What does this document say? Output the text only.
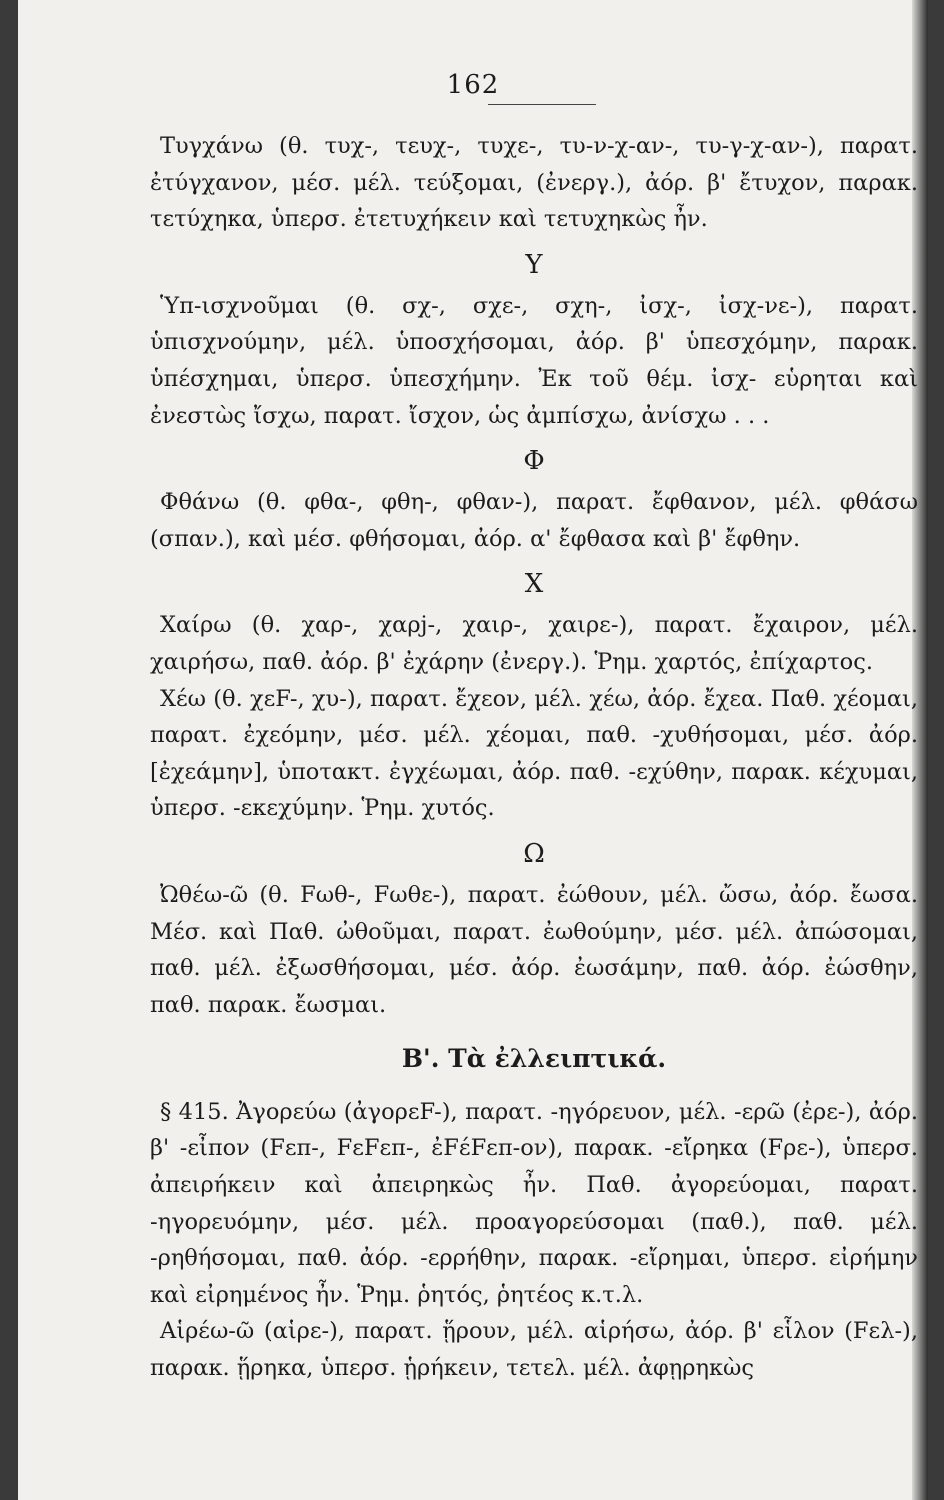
162

Τυγχάνω (θ. τυχ-, τευχ-, τυχε-, τυ-ν-χ-αν-, τυ-γ-χ-αν-), παρατ. ἐτύγχανον, μέσ. μέλ. τεύξομαι, (ἐνεργ.), ἀόρ. β' ἔτυχον, παρακ. τετύχηκα, ὑπερσ. ἐτετυχήκειν καὶ τετυχηκὼς ἦν.

Υ

Ὑπ-ισχνοῦμαι (θ. σχ-, σχε-, σχη-, ἰσχ-, ἰσχ-νε-), παρατ. ὑπισχνούμην, μέλ. ὑποσχήσομαι, ἀόρ. β' ὑπεσχόμην, παρακ. ὑπέσχημαι, ὑπερσ. ὑπεσχήμην. Ἐκ τοῦ θέμ. ἰσχ- εὑρηται καὶ ἐνεστὼς ἴσχω, παρατ. ἴσχον, ὡς ἀμπίσχω, ἀνίσχω . . .

Φ

Φθάνω (θ. φθα-, φθη-, φθαν-), παρατ. ἔφθανον, μέλ. φθάσω (σπαν.), καὶ μέσ. φθήσομαι, ἀόρ. α' ἔφθασα καὶ β' ἔφθην.

Χ

Χαίρω (θ. χαρ-, χαρj-, χαιρ-, χαιρε-), παρατ. ἔχαιρον, μέλ. χαιρήσω, παθ. ἀόρ. β' ἐχάρην (ἐνεργ.). Ῥημ. χαρτός, ἐπίχαρτος.

Χέω (θ. χεF-, χυ-), παρατ. ἔχεον, μέλ. χέω, ἀόρ. ἔχεα. Παθ. χέομαι, παρατ. ἐχεόμην, μέσ. μέλ. χέομαι, παθ. -χυθήσομαι, μέσ. ἀόρ. [ἐχεάμην], ὑποτακτ. ἐγχέωμαι, ἀόρ. παθ. -εχύθην, παρακ. κέχυμαι, ὑπερσ. -εκεχύμην. Ῥημ. χυτός.

Ω

Ὠθέω-ῶ (θ. Fωθ-, Fωθε-), παρατ. ἐώθουν, μέλ. ὤσω, ἀόρ. ἔωσα. Μέσ. καὶ Παθ. ὠθοῦμαι, παρατ. ἐωθούμην, μέσ. μέλ. ἀπώσομαι, παθ. μέλ. ἐξωσθήσομαι, μέσ. ἀόρ. ἐωσάμην, παθ. ἀόρ. ἐώσθην, παθ. παρακ. ἔωσμαι.

Β'. Τὰ ἐλλειπτικά.

§ 415. Ἀγορεύω (ἀγορεF-), παρατ. -ηγόρευον, μέλ. -ερῶ (ἐρε-), ἀόρ. β' -εἶπον (Fεπ-, FεFεπ-, ἐFέFεπ-ον), παρακ. -εἴρηκα (Fρε-), ὑπερσ. ἀπειρήκειν καὶ ἀπειρηκὼς ἦν. Παθ. ἀγορεύομαι, παρατ. -ηγορευόμην, μέσ. μέλ. προαγορεύσομαι (παθ.), παθ. μέλ. -ρηθήσομαι, παθ. ἀόρ. -ερρήθην, παρακ. -εἴρημαι, ὑπερσ. εἰρήμην καὶ εἰρημένος ἦν. Ῥημ. ῥητός, ῥητέος κ.τ.λ.

Αἱρέω-ῶ (αἱρε-), παρατ. ᾕρουν, μέλ. αἱρήσω, ἀόρ. β' εἷλον (Fελ-), παρακ. ᾕρηκα, ὑπερσ. ᾑρήκειν, τετελ. μέλ. ἀφῃρηκὼς
